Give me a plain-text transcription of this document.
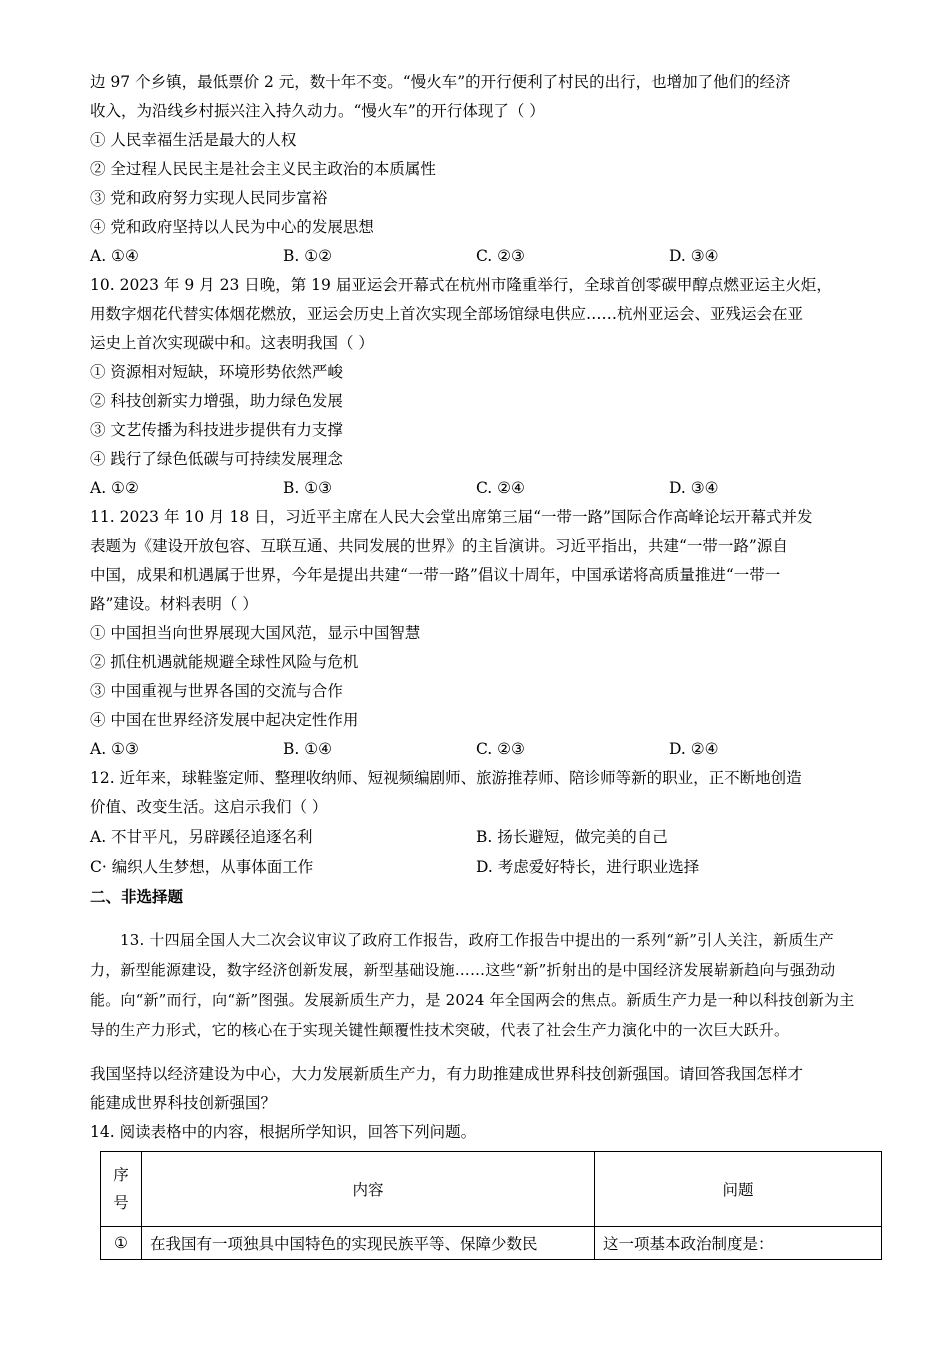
边 97 个乡镇，最低票价 2 元，数十年不变。“慢火车”的开行便利了村民的出行，也增加了他们的经济

收入，为沿线乡村振兴注入持久动力。“慢火车”的开行体现了（ ）

① 人民幸福生活是最大的人权

② 全过程人民民主是社会主义民主政治的本质属性

③ 党和政府努力实现人民同步富裕

④ 党和政府坚持以人民为中心的发展思想

A. ①④	B. ①②	C. ②③	D. ③④

10. 2023 年 9 月 23 日晚，第 19 届亚运会开幕式在杭州市隆重举行，全球首创零碳甲醇点燃亚运主火炬，

用数字烟花代替实体烟花燃放，亚运会历史上首次实现全部场馆绿电供应……杭州亚运会、亚残运会在亚

运史上首次实现碳中和。这表明我国（ ）

① 资源相对短缺，环境形势依然严峻

② 科技创新实力增强，助力绿色发展

③ 文艺传播为科技进步提供有力支撑

④ 践行了绿色低碳与可持续发展理念

A. ①②	B. ①③	C. ②④	D. ③④

11. 2023 年 10 月 18 日，习近平主席在人民大会堂出席第三届“一带一路”国际合作高峰论坛开幕式并发

表题为《建设开放包容、互联互通、共同发展的世界》的主旨演讲。习近平指出，共建“一带一路”源自

中国，成果和机遇属于世界，今年是提出共建“一带一路”倡议十周年，中国承诺将高质量推进“一带一

路”建设。材料表明（ ）

① 中国担当向世界展现大国风范，显示中国智慧

② 抓住机遇就能规避全球性风险与危机

③ 中国重视与世界各国的交流与合作

④ 中国在世界经济发展中起决定性作用

A. ①③	B. ①④	C. ②③	D. ②④

12. 近年来，球鞋鉴定师、整理收纳师、短视频编剧师、旅游推荐师、陪诊师等新的职业，正不断地创造

价值、改变生活。这启示我们（ ）

A. 不甘平凡，另辟蹊径追逐名利	B. 扬长避短，做完美的自己
C· 编织人生梦想，从事体面工作	D. 考虑爱好特长，进行职业选择
二、非选择题

13. 十四届全国人大二次会议审议了政府工作报告，政府工作报告中提出的一系列“新”引人关注，新质生产力，新型能源建设，数字经济创新发展，新型基础设施……这些“新”折射出的是中国经济发展崭新趋向与强劲动能。向“新”而行，向“新”图强。发展新质生产力，是 2024 年全国两会的焦点。新质生产力是一种以科技创新为主导的生产力形式，它的核心在于实现关键性颠覆性技术突破，代表了社会生产力演化中的一次巨大跃升。

我国坚持以经济建设为中心，大力发展新质生产力，有力助推建成世界科技创新强国。请回答我国怎样才

能建成世界科技创新强国？

14. 阅读表格中的内容，根据所学知识，回答下列问题。

序号	内容	问题
①	在我国有一项独具中国特色的实现民族平等、保障少数民	这一项基本政治制度是：
